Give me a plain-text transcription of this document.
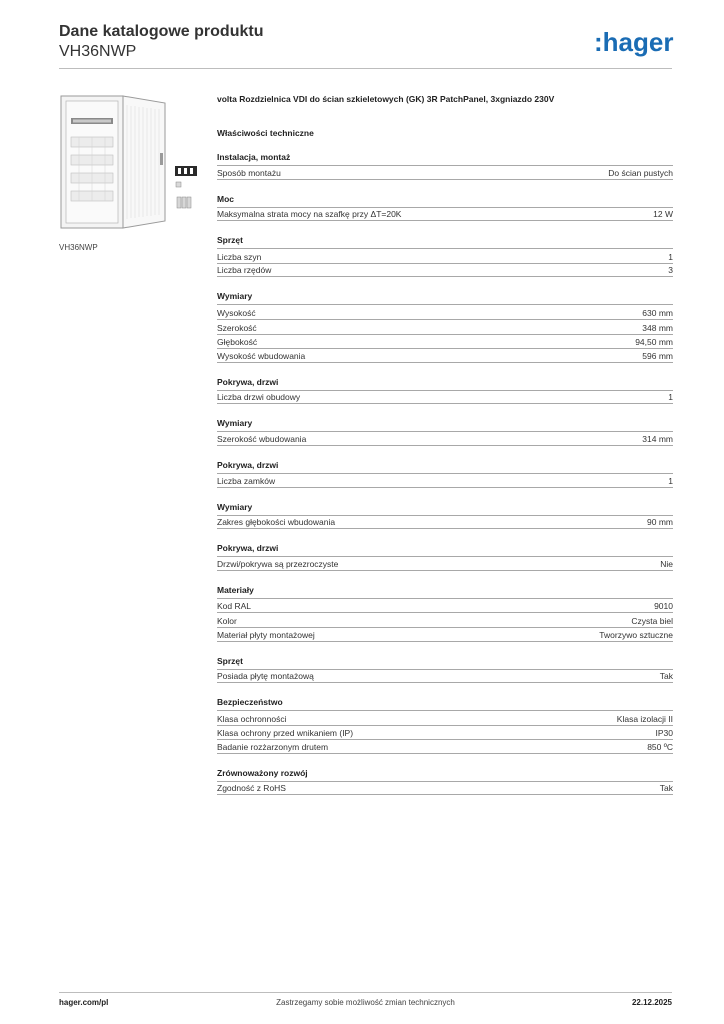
Dane katalogowe produktu
VH36NWP	:hager
VH36NWP
volta Rozdzielnica VDI do ścian szkieletowych (GK) 3R PatchPanel, 3xgniazdo 230V
Właściwości techniczne
Instalacja, montaż
Sposób montażu	Do ścian pustych
Moc
Maksymalna strata mocy na szafkę przy ΔT=20K	12 W
Sprzęt
Liczba szyn	1
Liczba rzędów	3
Wymiary
Wysokość	630 mm
Szerokość	348 mm
Głębokość	94,50 mm
Wysokość wbudowania	596 mm
Pokrywa, drzwi
Liczba drzwi obudowy	1
Wymiary
Szerokość wbudowania	314 mm
Pokrywa, drzwi
Liczba zamków	1
Wymiary
Zakres głębokości wbudowania	90 mm
Pokrywa, drzwi
Drzwi/pokrywa są przezroczyste	Nie
Materiały
Kod RAL	9010
Kolor	Czysta biel
Materiał płyty montażowej	Tworzywo sztuczne
Sprzęt
Posiada płytę montażową	Tak
Bezpieczeństwo
Klasa ochronności	Klasa izolacji II
Klasa ochrony przed wnikaniem (IP)	IP30
Badanie rozżarzonym drutem	850 ºC
Zrównoważony rozwój
Zgodność z RoHS	Tak
hager.com/pl	Zastrzegamy sobie możliwość zmian technicznych	22.12.2025
